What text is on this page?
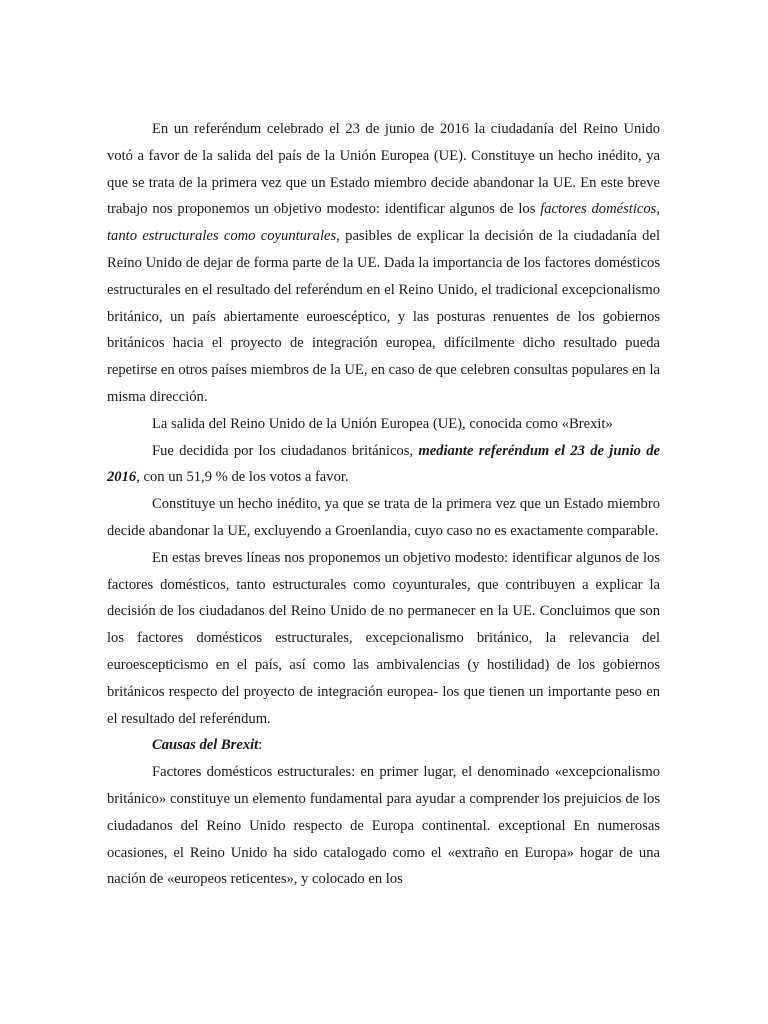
En un referéndum celebrado el 23 de junio de 2016 la ciudadanía del Reino Unido votó a favor de la salida del país de la Unión Europea (UE). Constituye un hecho inédito, ya que se trata de la primera vez que un Estado miembro decide abandonar la UE. En este breve trabajo nos proponemos un objetivo modesto: identificar algunos de los factores domésticos, tanto estructurales como coyunturales, pasibles de explicar la decisión de la ciudadanía del Reino Unido de dejar de forma parte de la UE. Dada la importancia de los factores domésticos estructurales en el resultado del referéndum en el Reino Unido, el tradicional excepcionalismo británico, un país abiertamente euroescéptico, y las posturas renuentes de los gobiernos británicos hacia el proyecto de integración europea, difícilmente dicho resultado pueda repetirse en otros países miembros de la UE, en caso de que celebren consultas populares en la misma dirección.

La salida del Reino Unido de la Unión Europea (UE), conocida como «Brexit»

Fue decidida por los ciudadanos británicos, mediante referéndum el 23 de junio de 2016, con un 51,9 % de los votos a favor.

Constituye un hecho inédito, ya que se trata de la primera vez que un Estado miembro decide abandonar la UE, excluyendo a Groenlandia, cuyo caso no es exactamente comparable.

En estas breves líneas nos proponemos un objetivo modesto: identificar algunos de los factores domésticos, tanto estructurales como coyunturales, que contribuyen a explicar la decisión de los ciudadanos del Reino Unido de no permanecer en la UE. Concluimos que son los factores domésticos estructurales, excepcionalismo británico, la relevancia del euroescepticismo en el país, así como las ambivalencias (y hostilidad) de los gobiernos británicos respecto del proyecto de integración europea- los que tienen un importante peso en el resultado del referéndum.

Causas del Brexit:

Factores domésticos estructurales: en primer lugar, el denominado «excepcionalismo británico» constituye un elemento fundamental para ayudar a comprender los prejuicios de los ciudadanos del Reino Unido respecto de Europa continental. exceptional En numerosas ocasiones, el Reino Unido ha sido catalogado como el «extraño en Europa» hogar de una nación de «europeos reticentes», y colocado en los
